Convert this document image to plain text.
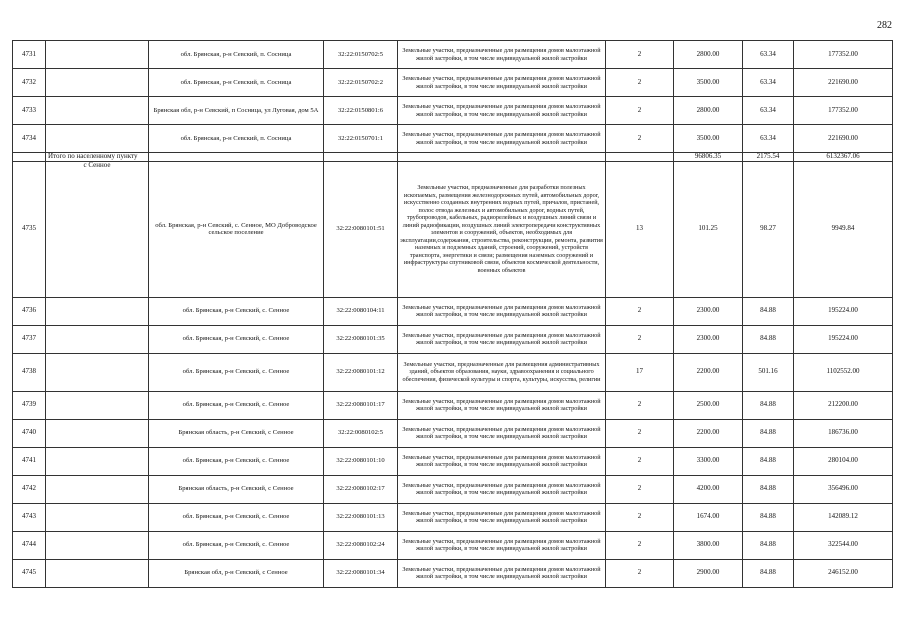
282
4731		обл. Брянская, р-н Севский, п. Сосница	32:22:0150702:5	Земельные участки, предназначенные для размещения домов малоэтажной жилой застройки, в том числе индивидуальной жилой застройки	2	2800.00	63.34	177352.00
4732		обл. Брянская, р-н Севский, п. Сосница	32:22:0150702:2	Земельные участки, предназначенные для размещения домов малоэтажной жилой застройки, в том числе индивидуальной жилой застройки	2	3500.00	63.34	221690.00
4733		Брянская обл, р-н Севский, п Сосница, ул Луговая, дом 5А	32:22:0150801:6	Земельные участки, предназначенные для размещения домов малоэтажной жилой застройки, в том числе индивидуальной жилой застройки	2	2800.00	63.34	177352.00
4734		обл. Брянская, р-н Севский, п. Сосница	32:22:0150701:1	Земельные участки, предназначенные для размещения домов малоэтажной жилой застройки, в том числе индивидуальной жилой застройки	2	3500.00	63.34	221690.00
	Итого по населенному пункту					96806.35	2175.54	6132367.06
4735	с Сенное	обл. Брянская, р-н Севский, с. Сенное, МО Доброводское сельское поселение	32:22:0080101:51	Земельные участки, предназначенные для разработки полезных ископаемых, размещения железнодорожных путей, автомобильных дорог, искусственно созданных внутренних водных путей, причалов, пристаней, полос отвода железных и автомобильных дорог, водных путей, трубопроводов, кабельных, радиорелейных и воздушных линий связи и линий радиофикации, воздушных линий электропередачи конструктивных элементов и сооружений, объектов, необходимых для эксплуатации,содержания, строительства, реконструкции, ремонта, развития наземных и подземных зданий, строений, сооружений, устройств транспорта, энергетики и связи; размещения наземных сооружений и инфраструктуры спутниковой связи, объектов космической деятельности, военных объектов	13	101.25	98.27	9949.84
4736		обл. Брянская, р-н Севский, с. Сенное	32:22:0080104:11	Земельные участки, предназначенные для размещения домов малоэтажной жилой застройки, в том числе индивидуальной жилой застройки	2	2300.00	84.88	195224.00
4737		обл. Брянская, р-н Севский, с. Сенное	32:22:0080101:35	Земельные участки, предназначенные для размещения домов малоэтажной жилой застройки, в том числе индивидуальной жилой застройки	2	2300.00	84.88	195224.00
4738		обл. Брянская, р-н Севский, с. Сенное	32:22:0080101:12	Земельные участки, предназначенные для размещения административных зданий, объектов образования, науки, здравоохранения и социального обеспечения, физической культуры и спорта, культуры, искусства, религии	17	2200.00	501.16	1102552.00
4739		обл. Брянская, р-н Севский, с. Сенное	32:22:0080101:17	Земельные участки, предназначенные для размещения домов малоэтажной жилой застройки, в том числе индивидуальной жилой застройки	2	2500.00	84.88	212200.00
4740		Брянская область, р-н Севский, с Сенное	32:22:0080102:5	Земельные участки, предназначенные для размещения домов малоэтажной жилой застройки, в том числе индивидуальной жилой застройки	2	2200.00	84.88	186736.00
4741		обл. Брянская, р-н Севский, с. Сенное	32:22:0080101:10	Земельные участки, предназначенные для размещения домов малоэтажной жилой застройки, в том числе индивидуальной жилой застройки	2	3300.00	84.88	280104.00
4742		Брянская область, р-н Севский, с Сенное	32:22:0080102:17	Земельные участки, предназначенные для размещения домов малоэтажной жилой застройки, в том числе индивидуальной жилой застройки	2	4200.00	84.88	356496.00
4743		обл. Брянская, р-н Севский, с. Сенное	32:22:0080101:13	Земельные участки, предназначенные для размещения домов малоэтажной жилой застройки, в том числе индивидуальной жилой застройки	2	1674.00	84.88	142089.12
4744		обл. Брянская, р-н Севский, с. Сенное	32:22:0080102:24	Земельные участки, предназначенные для размещения домов малоэтажной жилой застройки, в том числе индивидуальной жилой застройки	2	3800.00	84.88	322544.00
4745		Брянская обл, р-н Севский, с Сенное	32:22:0080101:34	Земельные участки, предназначенные для размещения домов малоэтажной жилой застройки, в том числе индивидуальной жилой застройки	2	2900.00	84.88	246152.00
